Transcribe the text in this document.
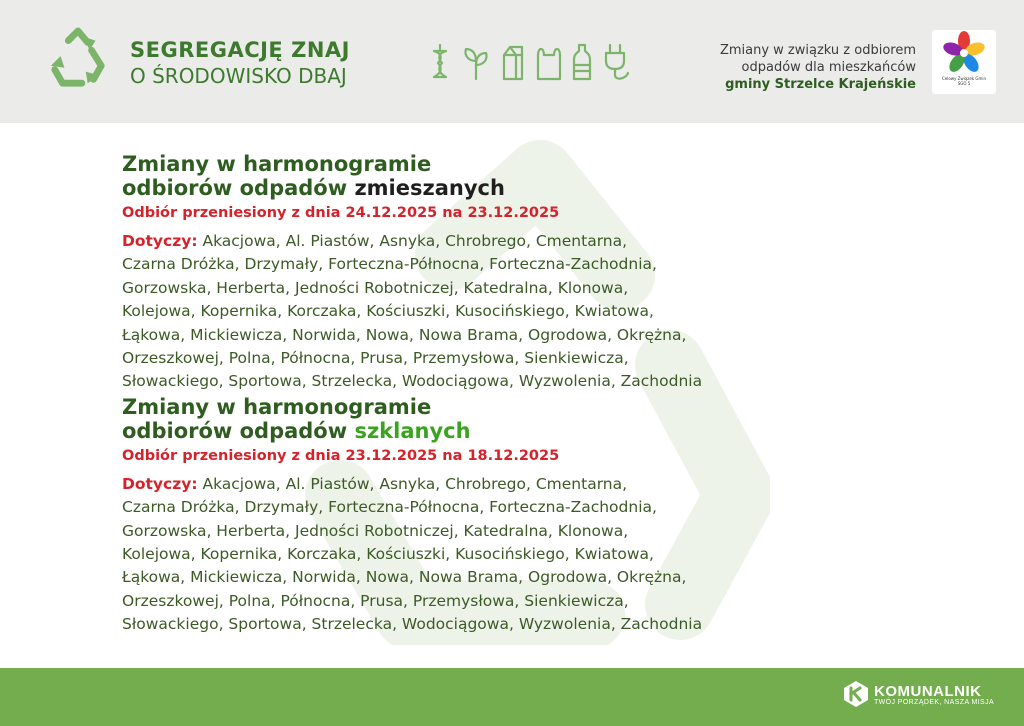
SEGREGACJĘ ZNAJ
O ŚRODOWISKO DBAJ
Zmiany w związku z odbiorem
odpadów dla mieszkańców
gminy Strzelce Krajeńskie	Celowy Związek Gmin
SGO 5
Zmiany w harmonogramie
odbiorów odpadów zmieszanych
Odbiór przeniesiony z dnia 24.12.2025 na 23.12.2025
Dotyczy: Akacjowa, Al. Piastów, Asnyka, Chrobrego, Cmentarna,
Czarna Dróżka, Drzymały, Forteczna-Północna, Forteczna-Zachodnia,
Gorzowska, Herberta, Jedności Robotniczej, Katedralna, Klonowa,
Kolejowa, Kopernika, Korczaka, Kościuszki, Kusocińskiego, Kwiatowa,
Łąkowa, Mickiewicza, Norwida, Nowa, Nowa Brama, Ogrodowa, Okrężna,
Orzeszkowej, Polna, Północna, Prusa, Przemysłowa, Sienkiewicza,
Słowackiego, Sportowa, Strzelecka, Wodociągowa, Wyzwolenia, Zachodnia
Zmiany w harmonogramie
odbiorów odpadów szklanych
Odbiór przeniesiony z dnia 23.12.2025 na 18.12.2025
Dotyczy: Akacjowa, Al. Piastów, Asnyka, Chrobrego, Cmentarna,
Czarna Dróżka, Drzymały, Forteczna-Północna, Forteczna-Zachodnia,
Gorzowska, Herberta, Jedności Robotniczej, Katedralna, Klonowa,
Kolejowa, Kopernika, Korczaka, Kościuszki, Kusocińskiego, Kwiatowa,
Łąkowa, Mickiewicza, Norwida, Nowa, Nowa Brama, Ogrodowa, Okrężna,
Orzeszkowej, Polna, Północna, Prusa, Przemysłowa, Sienkiewicza,
Słowackiego, Sportowa, Strzelecka, Wodociągowa, Wyzwolenia, Zachodnia
KOMUNALNIK
TWÓJ PORZĄDEK, NASZA MISJA
